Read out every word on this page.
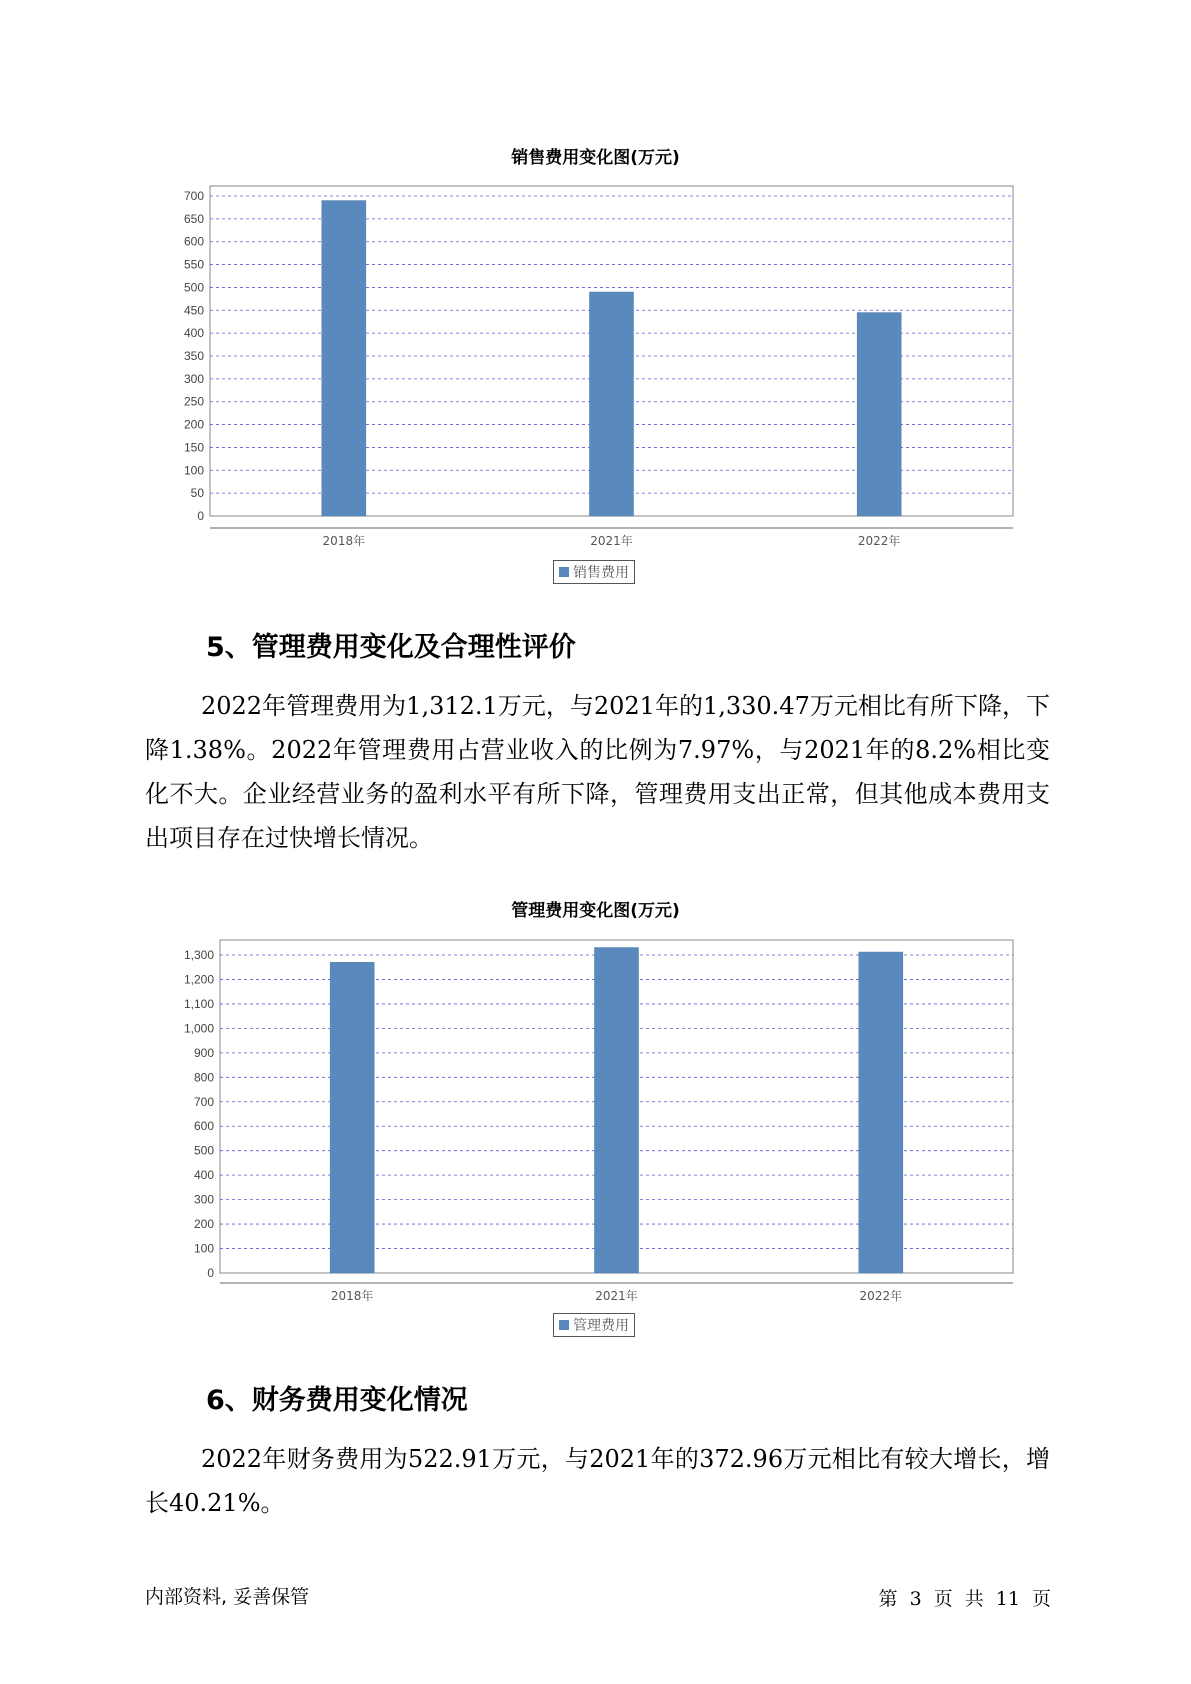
销售费用变化图(万元)
0
50
100
150
200
250
300
350
400
450
500
550
600
650
700
2018年	2021年	2022年
销售费用
5、管理费用变化及合理性评价
2022年管理费用为1,312.1万元，与2021年的1,330.47万元相比有所下降，下降1.38%。2022年管理费用占营业收入的比例为7.97%，与2021年的8.2%相比变化不大。企业经营业务的盈利水平有所下降，管理费用支出正常，但其他成本费用支出项目存在过快增长情况。
管理费用变化图(万元)
0
100
200
300
400
500
600
700
800
900
1,000
1,100
1,200
1,300
2018年	2021年	2022年
管理费用
6、财务费用变化情况
2022年财务费用为522.91万元，与2021年的372.96万元相比有较大增长，增长40.21%。
内部资料, 妥善保管	第 3 页 共 11 页
